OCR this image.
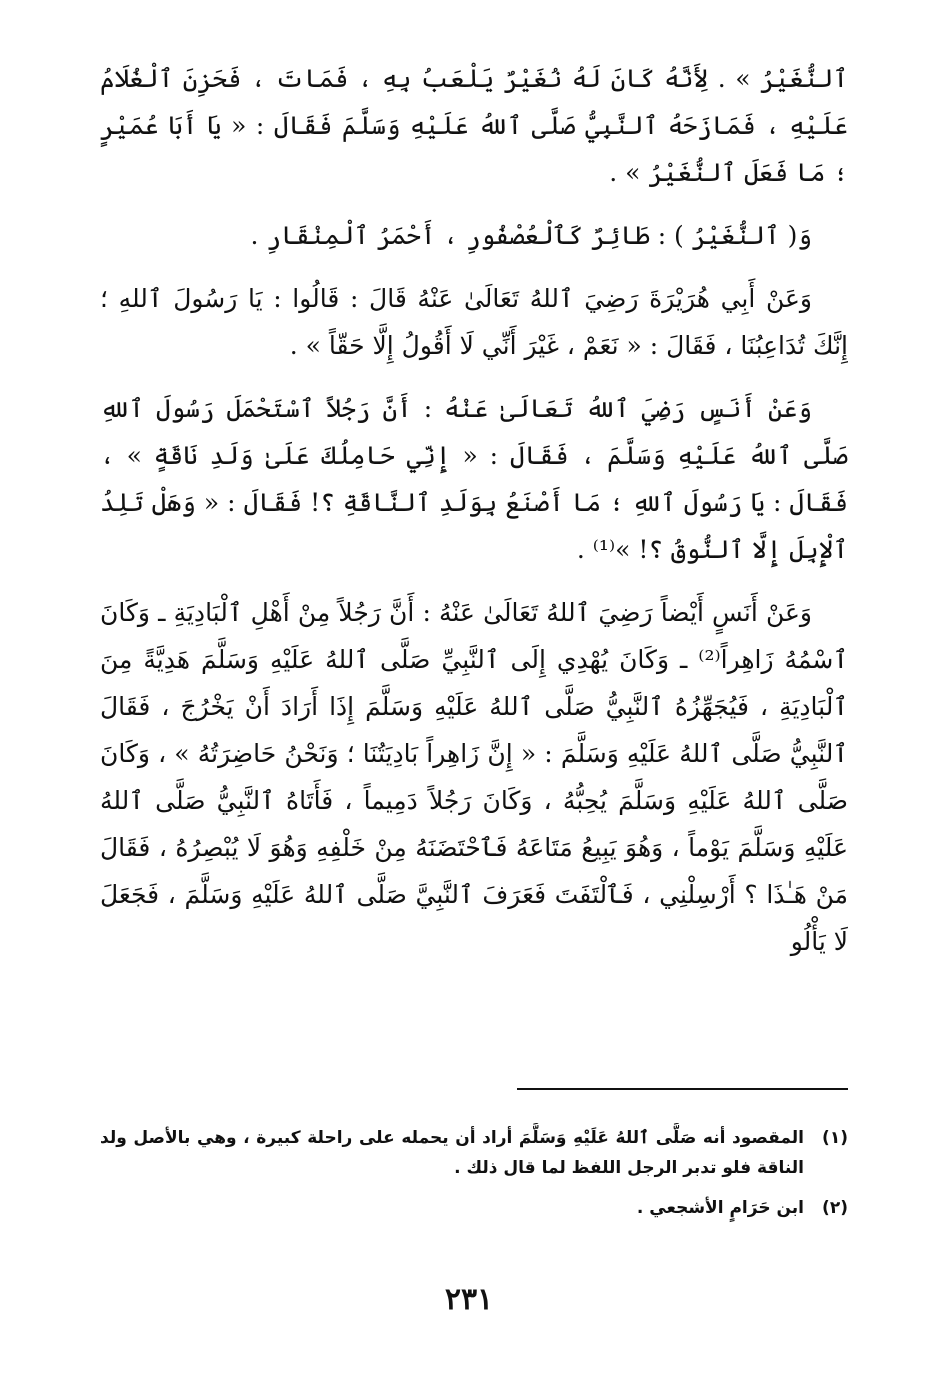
ٱلنُّغَيْرُ » . لِأَنَّهُ كَانَ لَهُ نُغَيْرٌ يَلْعَبُ بِهِ ، فَمَاتَ ، فَحَزِنَ ٱلْغُلَامُ عَلَيْهِ ، فَمَازَحَهُ ٱلنَّبِيُّ صَلَّى ٱللهُ عَلَيْهِ وَسَلَّمَ فَقَالَ : « يَا أَبَا عُمَيْرٍ ؛ مَا فَعَلَ ٱلنُّغَيْرُ » .

وَ( ٱلنُّغَيْرُ ) : طَائِرٌ كَٱلْعُصْفُورِ ، أَحْمَرُ ٱلْمِنْقَارِ .

وَعَنْ أَبِي هُرَيْرَةَ رَضِيَ ٱللهُ تَعَالَىٰ عَنْهُ قَالَ : قَالُوا : يَا رَسُولَ ٱللهِ ؛ إِنَّكَ تُدَاعِبُنَا ، فَقَالَ : « نَعَمْ ، غَيْرَ أَنِّي لَا أَقُولُ إِلَّا حَقّاً » .

وَعَنْ أَنَسٍ رَضِيَ ٱللهُ تَعَالَىٰ عَنْهُ : أَنَّ رَجُلاً ٱسْتَحْمَلَ رَسُولَ ٱللهِ صَلَّى ٱللهُ عَلَيْهِ وَسَلَّمَ ، فَقَالَ : « إِنِّي حَامِلُكَ عَلَىٰ وَلَدِ نَاقَةٍ » ، فَقَالَ : يَا رَسُولَ ٱللهِ ؛ مَا أَصْنَعُ بِوَلَدِ ٱلنَّاقَةِ ؟! فَقَالَ : « وَهَلْ تَلِدُ ٱلْإِبِلَ إِلَّا ٱلنُّوقُ ؟! »⁽¹⁾ .

وَعَنْ أَنَسٍ أَيْضاً رَضِيَ ٱللهُ تَعَالَىٰ عَنْهُ : أَنَّ رَجُلاً مِنْ أَهْلِ ٱلْبَادِيَةِ ـ وَكَانَ ٱسْمُهُ زَاهِراً⁽²⁾ ـ وَكَانَ يُهْدِي إِلَى ٱلنَّبِيِّ صَلَّى ٱللهُ عَلَيْهِ وَسَلَّمَ هَدِيَّةً مِنَ ٱلْبَادِيَةِ ، فَيُجَهِّزُهُ ٱلنَّبِيُّ صَلَّى ٱللهُ عَلَيْهِ وَسَلَّمَ إِذَا أَرَادَ أَنْ يَخْرُجَ ، فَقَالَ ٱلنَّبِيُّ صَلَّى ٱللهُ عَلَيْهِ وَسَلَّمَ : « إِنَّ زَاهِراً بَادِيَتُنَا ؛ وَنَحْنُ حَاضِرَتُهُ » ، وَكَانَ صَلَّى ٱللهُ عَلَيْهِ وَسَلَّمَ يُحِبُّهُ ، وَكَانَ رَجُلاً دَمِيماً ، فَأَتَاهُ ٱلنَّبِيُّ صَلَّى ٱللهُ عَلَيْهِ وَسَلَّمَ يَوْماً ، وَهُوَ يَبِيعُ مَتَاعَهُ فَٱحْتَضَنَهُ مِنْ خَلْفِهِ وَهُوَ لَا يُبْصِرُهُ ، فَقَالَ مَنْ هَـٰذَا ؟ أَرْسِلْنِي ، فَٱلْتَفَتَ فَعَرَفَ ٱلنَّبِيَّ صَلَّى ٱللهُ عَلَيْهِ وَسَلَّمَ ، فَجَعَلَ لَا يَأْلُو

(١)
المقصود أنه صَلَّى ٱللهُ عَلَيْهِ وَسَلَّمَ أراد أن يحمله على راحلة كبيرة ، وهي بالأصل ولد الناقة فلو تدبر الرجل اللفظ لما قال ذلك .
(٢)
ابن حَرَامٍ الأشجعي .
٢٣١
